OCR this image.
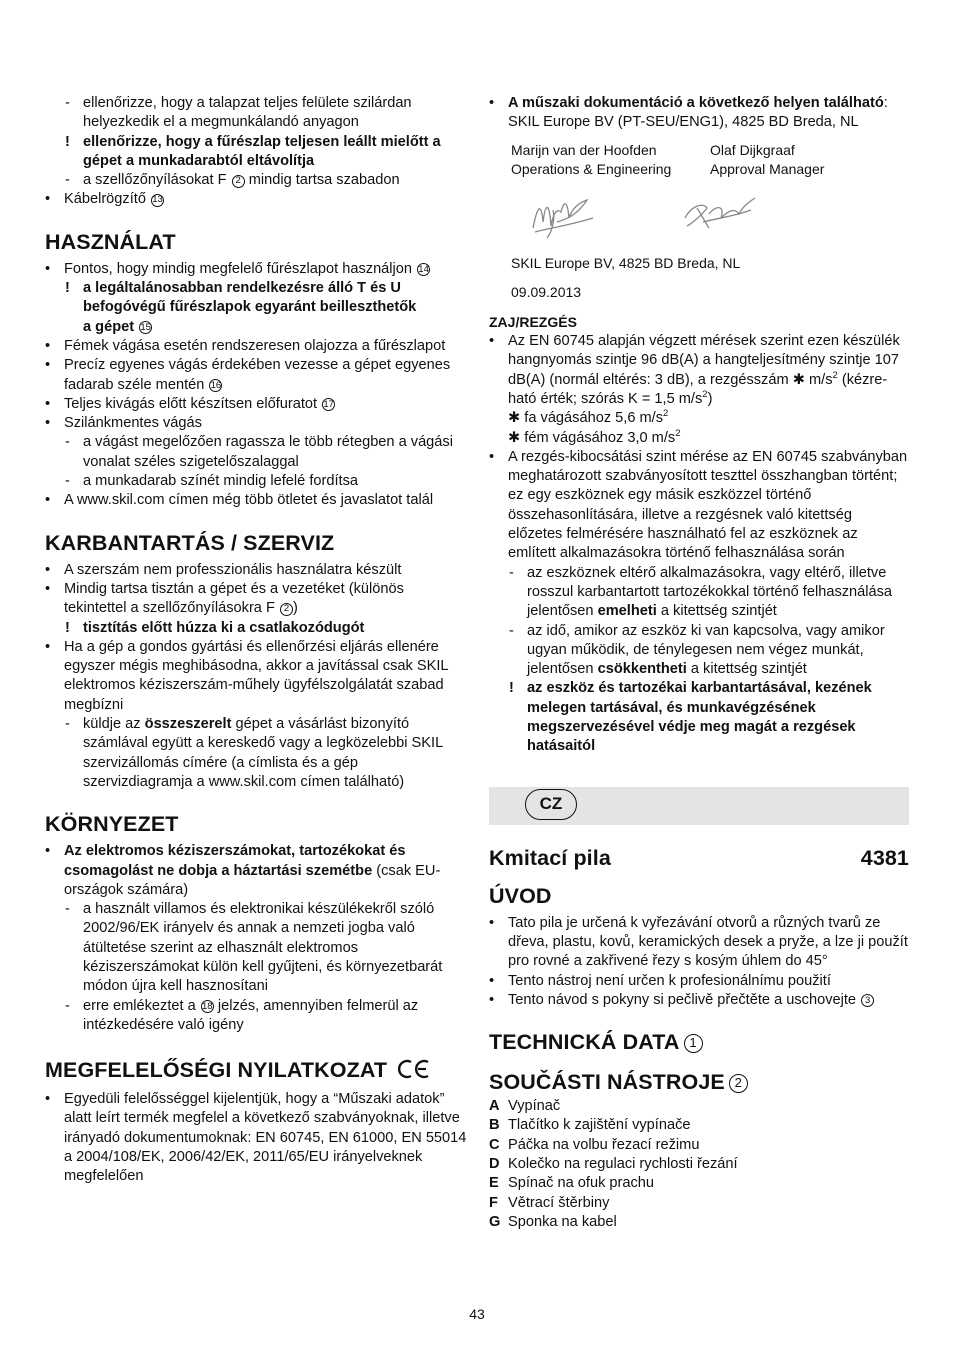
- ellenőrizze, hogy a talapzat teljes felülete szilárdan helyezkedik el a megmunkálandó anyagon
! ellenőrizze, hogy a fűrészlap teljesen leállt mielőtt a gépet a munkadarabtól eltávolítja
- a szellőzőnyílásokat F 2 mindig tartsa szabadon
• Kábelrögzítő 13
HASZNÁLAT
• Fontos, hogy mindig megfelelő fűrészlapot használjon 14
! a legáltalánosabban rendelkezésre álló T és U
befogóvégű fűrészlapok egyaránt beilleszthetők
a gépet 15
• Fémek vágása esetén rendszeresen olajozza a fűrészlapot
• Precíz egyenes vágás érdekében vezesse a gépet egyenes fadarab széle mentén 16
• Teljes kivágás előtt készítsen előfuratot 17
• Szilánkmentes vágás
- a vágást megelőzően ragassza le több rétegben a vágási vonalat széles szigetelőszalaggal
- a munkadarab színét mindig lefelé fordítsa
• A www.skil.com címen még több ötletet és javaslatot talál
KARBANTARTÁS / SZERVIZ
• A szerszám nem professzionális használatra készült
• Mindig tartsa tisztán a gépet és a vezetéket (különös tekintettel a szellőzőnyílásokra F 2 )
! tisztítás előtt húzza ki a csatlakozódugót
• Ha a gép a gondos gyártási és ellenőrzési eljárás ellenére egyszer mégis meghibásodna, akkor a javítással csak SKIL elektromos kéziszerszám-műhely ügyfélszolgálatát szabad megbízni
- küldje az összeszerelt gépet a vásárlást bizonyító számlával együtt a kereskedő vagy a legközelebbi SKIL szervizállomás címére (a címlista és a gép szervizdiagramja a www.skil.com címen található)
KÖRNYEZET
• Az elektromos kéziszerszámokat, tartozékokat és csomagolást ne dobja a háztartási szemétbe (csak EU-országok számára)
- a használt villamos és elektronikai készülékekről szóló 2002/96/EK irányelv és annak a nemzeti jogba való átültetése szerint az elhasznált elektromos kéziszerszámokat külön kell gyűjteni, és környezetbarát módon újra kell hasznosítani
- erre emlékeztet a 18 jelzés, amennyiben felmerül az intézkedésére való igény
MEGFELELŐSÉGI NYILATKOZAT
• Egyedüli felelősséggel kijelentjük, hogy a “Műszaki adatok” alatt leírt termék megfelel a következő szabványoknak, illetve irányadó dokumentumoknak: EN 60745, EN 61000, EN 55014 a 2004/108/EK, 2006/42/EK, 2011/65/EU irányelveknek megfelelően
• A műszaki dokumentáció a következő helyen található: SKIL Europe BV (PT-SEU/ENG1), 4825 BD Breda, NL
Marijn van der Hoofden
Operations & Engineering
Olaf Dijkgraaf
Approval Manager
SKIL Europe BV, 4825 BD Breda, NL
09.09.2013
ZAJ/REZGÉS
• Az EN 60745 alapján végzett mérések szerint ezen készülék hangnyomás szintje 96 dB(A) a hangteljesítmény szintje 107 dB(A) (normál eltérés: 3 dB), a rezgésszám ✱ $m/s^2$ (kézre-ható érték; szórás K = 1,5 $m/s^2$)
✱ fa vágásához 5,6 $m/s^2$
✱ fém vágásához 3,0 $m/s^2$
• A rezgés-kibocsátási szint mérése az EN 60745 szabványban meghatározott szabványosított teszttel összhangban történt; ez egy eszköznek egy másik eszközzel történő összehasonlítására, illetve a rezgésnek való kitettség előzetes felmérésére használható fel az eszköznek az említett alkalmazásokra történő felhasználása során
- az eszköznek eltérő alkalmazásokra, vagy eltérő, illetve rosszul karbantartott tartozékokkal történő felhasználása jelentősen emelheti a kitettség szintjét
- az idő, amikor az eszköz ki van kapcsolva, vagy amikor ugyan működik, de ténylegesen nem végez munkát, jelentősen csökkentheti a kitettség szintjét
! az eszköz és tartozékai karbantartásával, kezének melegen tartásával, és munkavégzésének megszervezésével védje meg magát a rezgések hatásaitól
CZ
Kmitací pila	4381
ÚVOD
• Tato pila je určená k vyřezávání otvorů a různých tvarů ze dřeva, plastu, kovů, keramických desek a pryže, a lze ji použít pro rovné a zakřivené řezy s kosým úhlem do 45°
• Tento nástroj není určen k profesionálnímu použití
• Tento návod s pokyny si pečlivě přečtěte a uschovejte 3
TECHNICKÁ DATA 1
SOUČÁSTI NÁSTROJE 2
A Vypínač
B Tlačítko k zajištění vypínače
C Páčka na volbu řezací režimu
D Kolečko na regulaci rychlosti řezání
E Spínač na ofuk prachu
F Větrací štěrbiny
G Sponka na kabel
43
